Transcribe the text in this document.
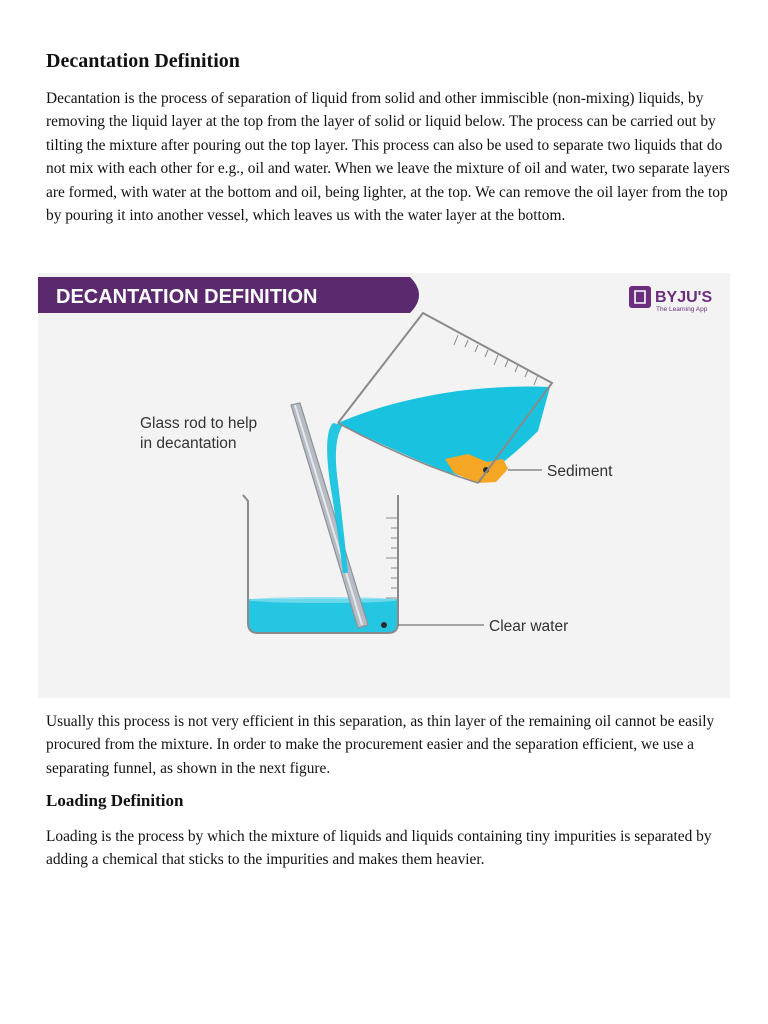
Decantation Definition

Decantation is the process of separation of liquid from solid and other immiscible (non-mixing) liquids, by removing the liquid layer at the top from the layer of solid or liquid below. The process can be carried out by tilting the mixture after pouring out the top layer. This process can also be used to separate two liquids that do not mix with each other for e.g., oil and water. When we leave the mixture of oil and water, two separate layers are formed, with water at the bottom and oil, being lighter, at the top. We can remove the oil layer from the top by pouring it into another vessel, which leaves us with the water layer at the bottom.

DECANTATION DEFINITION	BYJU'S
The Learning App
Glass rod to help
in decantation
Sediment
Clear water

Usually this process is not very efficient in this separation, as thin layer of the remaining oil cannot be easily procured from the mixture. In order to make the procurement easier and the separation efficient, we use a separating funnel, as shown in the next figure.

Loading Definition

Loading is the process by which the mixture of liquids and liquids containing tiny impurities is separated by adding a chemical that sticks to the impurities and makes them heavier.
